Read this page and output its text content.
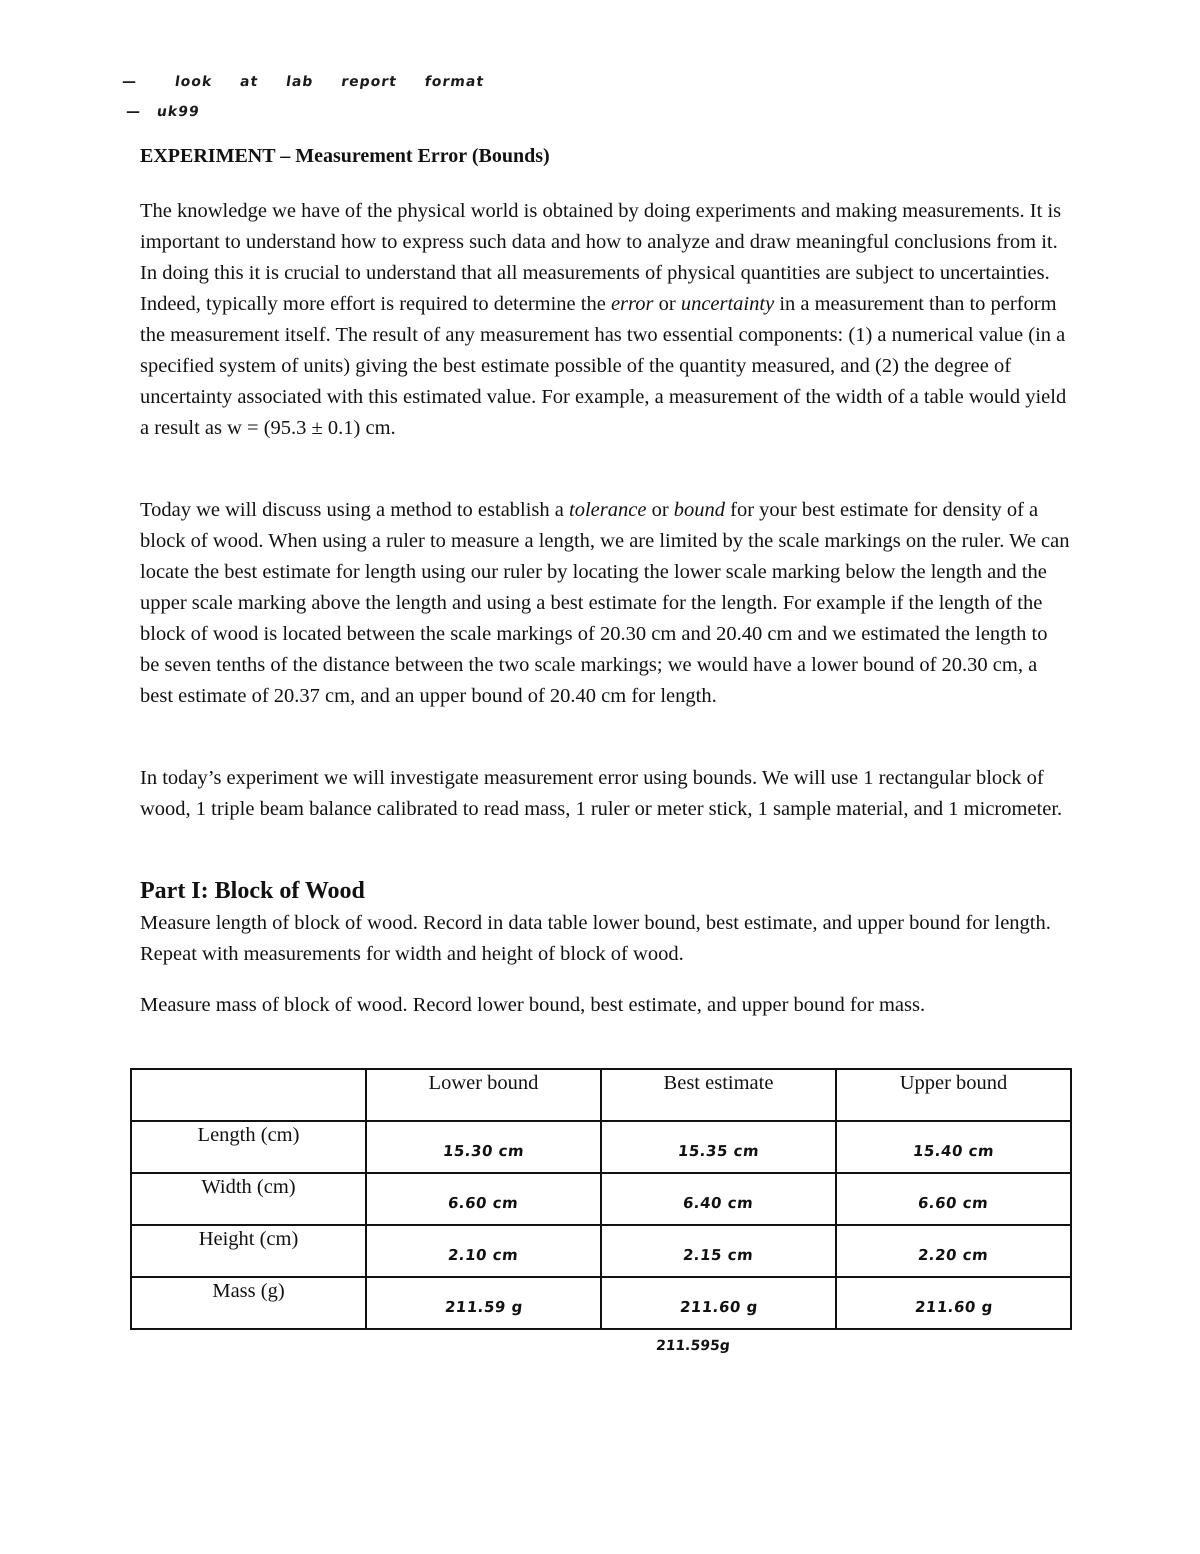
—	look at lab report format
— uk99
EXPERIMENT – Measurement Error (Bounds)

The knowledge we have of the physical world is obtained by doing experiments and making measurements. It is important to understand how to express such data and how to analyze and draw meaningful conclusions from it. In doing this it is crucial to understand that all measurements of physical quantities are subject to uncertainties. Indeed, typically more effort is required to determine the error or uncertainty in a measurement than to perform the measurement itself. The result of any measurement has two essential components: (1) a numerical value (in a specified system of units) giving the best estimate possible of the quantity measured, and (2) the degree of uncertainty associated with this estimated value. For example, a measurement of the width of a table would yield a result as w = (95.3 ± 0.1) cm.

Today we will discuss using a method to establish a tolerance or bound for your best estimate for density of a block of wood. When using a ruler to measure a length, we are limited by the scale markings on the ruler. We can locate the best estimate for length using our ruler by locating the lower scale marking below the length and the upper scale marking above the length and using a best estimate for the length. For example if the length of the block of wood is located between the scale markings of 20.30 cm and 20.40 cm and we estimated the length to be seven tenths of the distance between the two scale markings; we would have a lower bound of 20.30 cm, a best estimate of 20.37 cm, and an upper bound of 20.40 cm for length.

In today’s experiment we will investigate measurement error using bounds. We will use 1 rectangular block of wood, 1 triple beam balance calibrated to read mass, 1 ruler or meter stick, 1 sample material, and 1 micrometer.

Part I: Block of Wood

Measure length of block of wood. Record in data table lower bound, best estimate, and upper bound for length. Repeat with measurements for width and height of block of wood.

Measure mass of block of wood. Record lower bound, best estimate, and upper bound for mass.

	Lower bound	Best estimate	Upper bound
Length (cm)	15.30 cm	15.35 cm	15.40 cm
Width (cm)	6.60 cm	6.40 cm	6.60 cm
Height (cm)	2.10 cm	2.15 cm	2.20 cm
Mass (g)	211.59 g	211.60 g	211.60 g
211.595g
